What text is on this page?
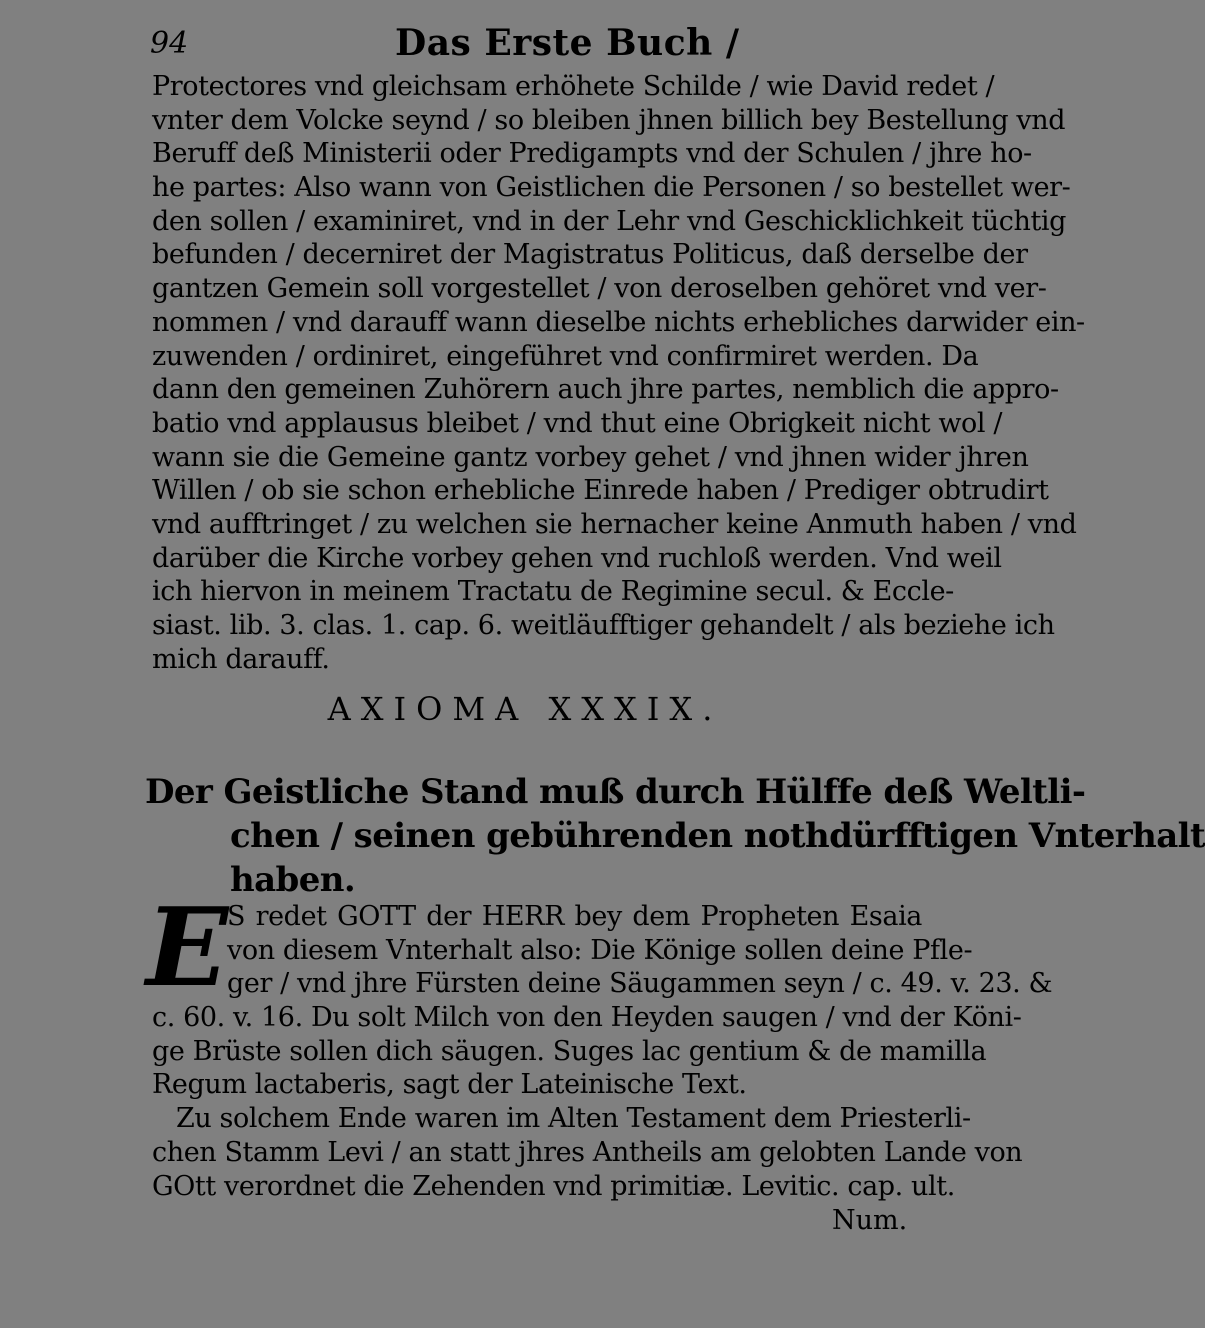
94	Das Erste Buch /
Protectores vnd gleichsam erhöhete Schilde / wie David redet /
vnter dem Volcke seynd / so bleiben jhnen billich bey Bestellung vnd
Beruff deß Ministerii oder Predigampts vnd der Schulen / jhre ho-
he partes: Also wann von Geistlichen die Personen / so bestellet wer-
den sollen / examiniret, vnd in der Lehr vnd Geschicklichkeit tüchtig
befunden / decerniret der Magistratus Politicus, daß derselbe der
gantzen Gemein soll vorgestellet / von deroselben gehöret vnd ver-
nommen / vnd darauff wann dieselbe nichts erhebliches darwider ein-
zuwenden / ordiniret, eingeführet vnd confirmiret werden. Da
dann den gemeinen Zuhörern auch jhre partes, nemblich die appro-
batio vnd applausus bleibet / vnd thut eine Obrigkeit nicht wol /
wann sie die Gemeine gantz vorbey gehet / vnd jhnen wider jhren
Willen / ob sie schon erhebliche Einrede haben / Prediger obtrudirt
vnd aufftringet / zu welchen sie hernacher keine Anmuth haben / vnd
darüber die Kirche vorbey gehen vnd ruchloß werden. Vnd weil
ich hiervon in meinem Tractatu de Regimine secul. & Eccle-
siast. lib. 3. clas. 1. cap. 6. weitläufftiger gehandelt / als beziehe ich
mich darauff.
AXIOMA XXXIX.
Der Geistliche Stand muß durch Hülffe deß Weltli-
chen / seinen gebührenden nothdürfftigen Vnterhalt
haben.
E
S redet GOTT der HERR bey dem Propheten Esaia
von diesem Vnterhalt also: Die Könige sollen deine Pfle-
ger / vnd jhre Fürsten deine Säugammen seyn / c. 49. v. 23. &
c. 60. v. 16. Du solt Milch von den Heyden saugen / vnd der Köni-
ge Brüste sollen dich säugen. Suges lac gentium & de mamilla
Regum lactaberis, sagt der Lateinische Text.
Zu solchem Ende waren im Alten Testament dem Priesterli-
chen Stamm Levi / an statt jhres Antheils am gelobten Lande von
GOtt verordnet die Zehenden vnd primitiæ. Levitic. cap. ult.
Num.
